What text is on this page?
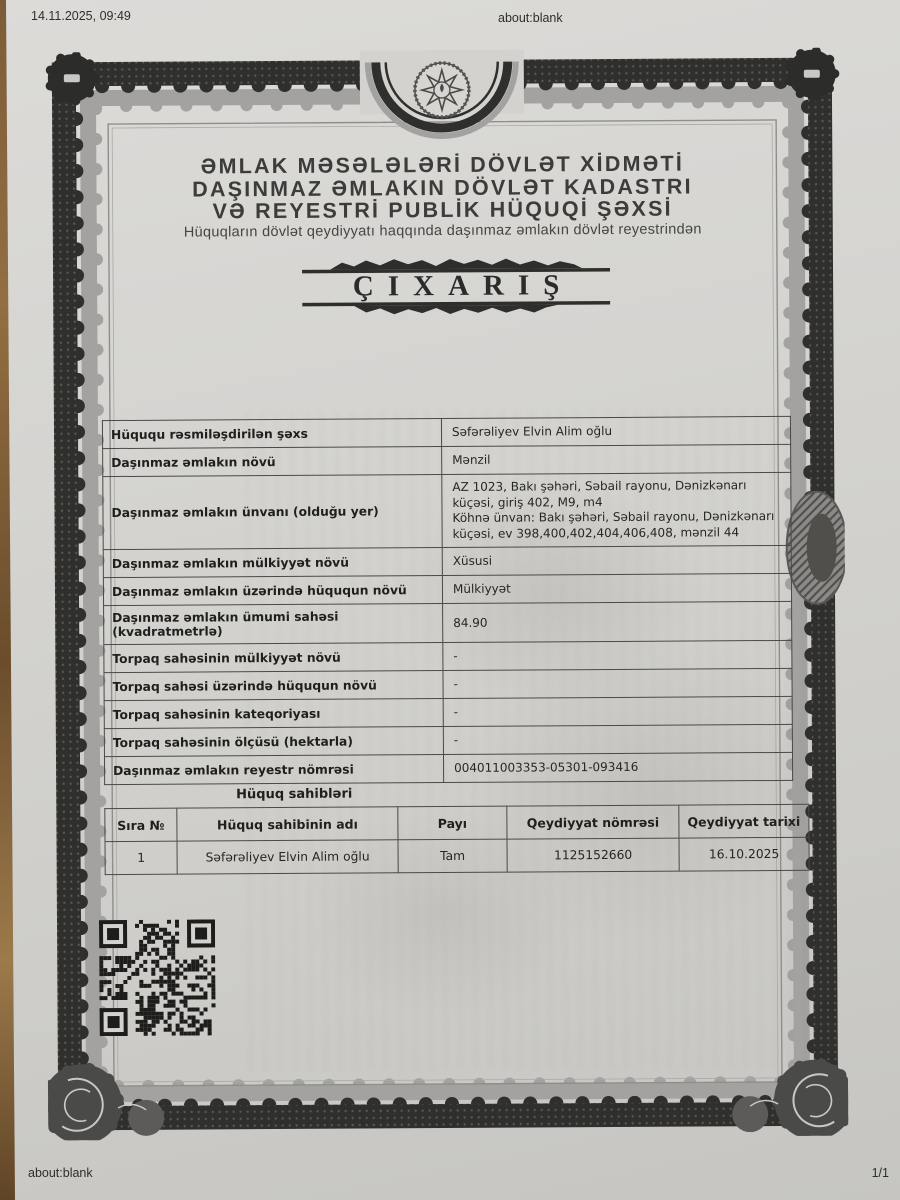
14.11.2025, 09:49	about:blank
about:blank	1/1
ƏMLAK MƏSƏLƏLƏRİ DÖVLƏT XİDMƏTİ
DAŞINMAZ ƏMLAKIN DÖVLƏT KADASTRI
VƏ REYESTRİ PUBLİK HÜQUQİ ŞƏXSİ
Hüquqların dövlət qeydiyyatı haqqında daşınmaz əmlakın dövlət reyestrindən
ÇIXARIŞ
Hüququ rəsmiləşdirilən şəxs	Səfərəliyev Elvin Alim oğlu
Daşınmaz əmlakın növü	Mənzil
Daşınmaz əmlakın ünvanı (olduğu yer)	AZ 1023, Bakı şəhəri, Səbail rayonu, Dənizkənarı küçəsi, giriş 402, M9, m4
Köhnə ünvan: Bakı şəhəri, Səbail rayonu, Dənizkənarı küçəsi, ev 398,400,402,404,406,408, mənzil 44
Daşınmaz əmlakın mülkiyyət növü	Xüsusi
Daşınmaz əmlakın üzərində hüququn növü	Mülkiyyət
Daşınmaz əmlakın ümumi sahəsi (kvadratmetrlə)	84.90
Torpaq sahəsinin mülkiyyət növü	-
Torpaq sahəsi üzərində hüququn növü	-
Torpaq sahəsinin kateqoriyası	-
Torpaq sahəsinin ölçüsü (hektarla)	-
Daşınmaz əmlakın reyestr nömrəsi	004011003353-05301-093416
Hüquq sahibləri
Sıra №	Hüquq sahibinin adı	Payı	Qeydiyyat nömrəsi	Qeydiyyat tarixi
1	Səfərəliyev Elvin Alim oğlu	Tam	1125152660	16.10.2025
